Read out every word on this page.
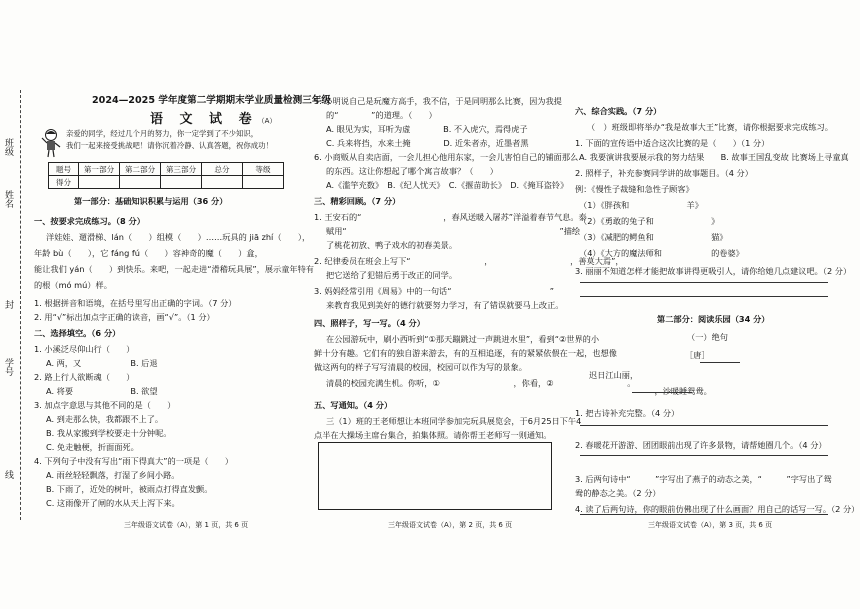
班级
姓名
封
学号
线
2024—2025 学年度第二学期期末学业质量检测三年级
语 文 试 卷（A）
亲爱的同学，经过几个月的努力，你一定学到了不少知识，
我们一起来接受挑战吧！请你沉着冷静、认真答题，祝你成功！
题号	第一部分	第二部分	第三部分	总分	等级
得分					
第一部分：基础知识积累与运用（36 分）
一、按要求完成练习。（8 分）
洋娃娃、遛滑梯、lán（　　）组模（　　）……玩具的 jiā zhí（　　），
年龄 bù（　　），它 fáng fú（　　）容神奇的魔（　　）盒，
能让我们 yán（　　）到快乐。来吧，一起走进“滑稽玩具展”，展示童年特有
的根（mó mú）样。
1. 根据拼音和语境，在括号里写出正确的字词。（7 分）
2. 用“√”标出加点字正确的读音，画“√”。（1 分）
二、选择填空。（6 分）
1. 小溪泛尽仰山行（　　）
A. 两，又　　　　　　B. 后退
2. 路上行人欲断魂（　　）
A. 将要　　　　　　　B. 欲望
3. 加点字意思与其他不同的是（　　）
A. 到走那么快，我都跟不上了。
B. 我从家搬到学校要走十分钟呢。
C. 免走触梗，折面面死。
4. 下列句子中没有写出“雨下得真大”的一项是（　　）
A. 雨丝轻轻飘落，打湿了乡间小路。
B. 下雨了，近处的树叶，被雨点打得直发颤。
C. 这雨像开了闸的水从天上泻下来。
三年级语文试卷（A），第 1 页，共 6 页
5. 小明说自己是玩魔方高手，我不信，于是同明那么比赛，因为我提
的“　　　　”的道理。（　　）
A. 眼见为实，耳听为虚　　　　B. 不入虎穴，焉得虎子
C. 兵来将挡，水来土掩　　　　D. 近朱者赤，近墨者黑
6. 小商贩从自卖店面，一会儿担心他用东家，一会儿害怕自己的铺面那么
的东西。这让你想起了哪个寓言故事？（　　）
A.《滥竽充数》　B.《纪人忧天》　C.《揠苗助长》　D.《掩耳盗铃》
三、精彩回顾。（7 分）
1. 王安石的“　　　　　　　　　　，春风送暖入屠苏”洋溢着春节气息。泰
赋用“　　　　　　　　　　　　　　　　　　　　　　　　　　”描绘
了桃花初放、鸭子戏水的初春美景。
2. 纪律委员在班会上写下“　　　　　　　　　，　　　　　　　　　　，善莫大焉”，
把它送给了犯错后勇于改正的同学。
3. 妈妈经常引用《周易》中的一句话“　　　　　　　　　　　　”
来教育我见到美好的德行就要努力学习，有了错误就要马上改正。
四、照样子，写一写。（4 分）
在公园游玩中，刷小西听到“①那天蹦跳过一声跳进水里”，看到“②世界的小
鲜十分有趣。它们有的独自游来游去，有的互相追逐，有的紧紧依偎在一起，也想像
做这两句的样子写写清晨的校园，校园可以作为写的景象。
清晨的校园充满生机。你听，①　　　　　　　　　，你看，②　　　　　　　　　。
五、写通知。（4 分）
三（1）班的王老师想让本班同学参加完玩具展览会，于6月25日下午4
点半在大操场主席台集合，拍集体照。请你帮王老师写一则通知。
三年级语文试卷（A），第 2 页，共 6 页
六、综合实践。（7 分）
（　）班级即将举办“我是故事大王”比赛，请你根据要求完成练习。
1. 下面的宣传语中适合这次比赛的是（　　）（1 分）
A. 我要演讲我要展示我的努力结果　　B. 故事王国乱变故 比赛场上寻童真
2. 照样子，补充参赛同学讲的故事题目。（4 分）
例：《慢性子裁缝和急性子顾客》
（1）《胖孩和　　　　　　　羊》
（2）《勇敢的兔子和　　　　　　　》
（3）《减肥的鳄鱼和　　　　　　　猫》
（4）《大方的魔法师和　　　　　　的卷婆》
3. 丽丽不知道怎样才能把故事讲得更吸引人，请你给她几点建议吧。（2 分）
第二部分：阅读乐园（34 分）
（一）绝句
［唐］
迟日江山丽，
　　　　　　　　，沙暖睡鸳鸯。
1. 把古诗补充完整。（4 分）
2. 春暖花开游游、团团眼前出现了许多景物，请帮她圈几个。（4 分）
3. 后两句诗中“　　　”字写出了燕子的动态之美，“　　　”字写出了鸳
鸯的静态之美。（2 分）
4. 读了后两句诗，你的眼前仿佛出现了什么画面？用自己的话写一写。（2 分）
三年级语文试卷（A），第 3 页，共 6 页
